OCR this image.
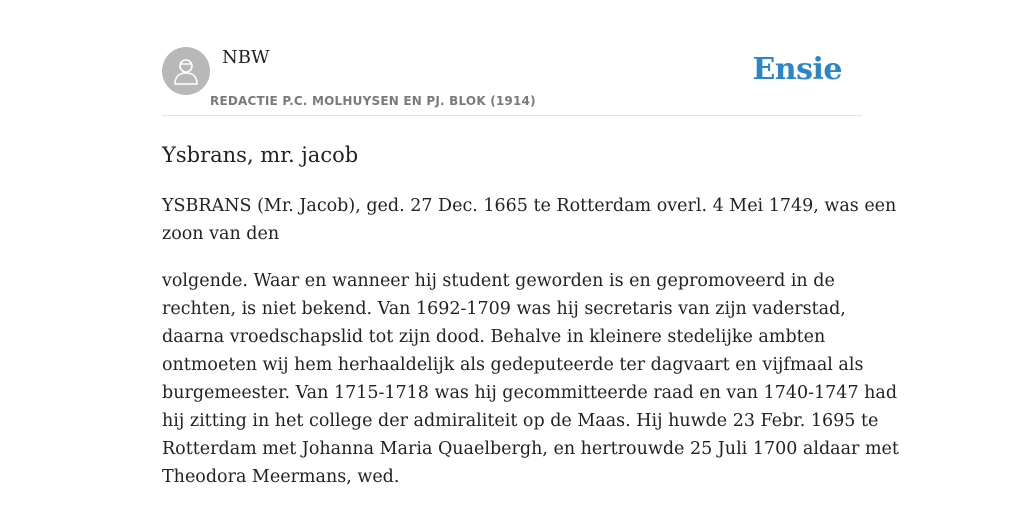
NBW
REDACTIE P.C. MOLHUYSEN EN PJ. BLOK (1914)
Ensie
Ysbrans, mr. jacob

YSBRANS (Mr. Jacob), ged. 27 Dec. 1665 te Rotterdam overl. 4 Mei 1749, was een
zoon van den

volgende. Waar en wanneer hij student geworden is en gepromoveerd in de
rechten, is niet bekend. Van 1692-1709 was hij secretaris van zijn vaderstad,
daarna vroedschapslid tot zijn dood. Behalve in kleinere stedelijke ambten
ontmoeten wij hem herhaaldelijk als gedeputeerde ter dagvaart en vijfmaal als
burgemeester. Van 1715-1718 was hij gecommitteerde raad en van 1740-1747 had
hij zitting in het college der admiraliteit op de Maas. Hij huwde 23 Febr. 1695 te
Rotterdam met Johanna Maria Quaelbergh, en hertrouwde 25 Juli 1700 aldaar met
Theodora Meermans, wed.
